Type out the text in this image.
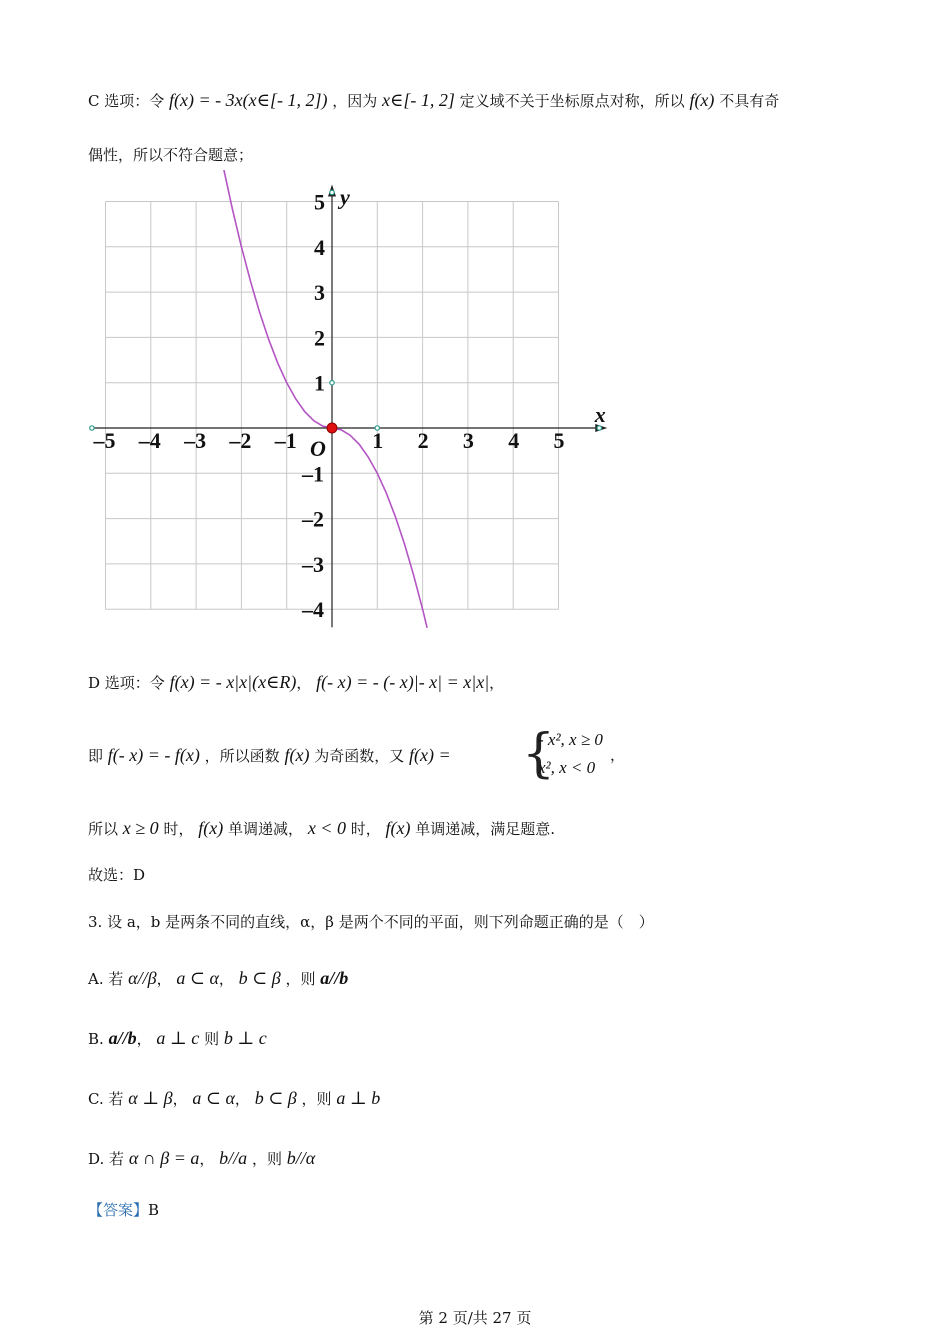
C 选项：令 f(x) = - 3x(x∈[- 1, 2]) ，因为 x∈[- 1, 2] 定义域不关于坐标原点对称，所以 f(x) 不具有奇
偶性，所以不符合题意；
–5 –4 –3 –2 –1	1 2 3 4 5
5
4
3
2
1
–1
–2
–3
–4
x
y
O
D 选项：令 f(x) = - x|x|(x∈R)， f(- x) = - (- x)|- x| = x|x|，
即 f(- x) = - f(x) ，所以函数 f(x) 为奇函数，又 f(x) = {
- x², x ≥ 0
x², x < 0
，
所以 x ≥ 0 时， f(x) 单调递减， x < 0 时， f(x) 单调递减，满足题意.
故选：D
3. 设 a，b 是两条不同的直线，α，β 是两个不同的平面，则下列命题正确的是（　）
A. 若 α//β， a ⊂ α， b ⊂ β ，则 a//b
B. a//b， a ⊥ c 则 b ⊥ c
C. 若 α ⊥ β， a ⊂ α， b ⊂ β ，则 a ⊥ b
D. 若 α ∩ β = a， b//a ，则 b//α
【答案】B
第 2 页/共 27 页
